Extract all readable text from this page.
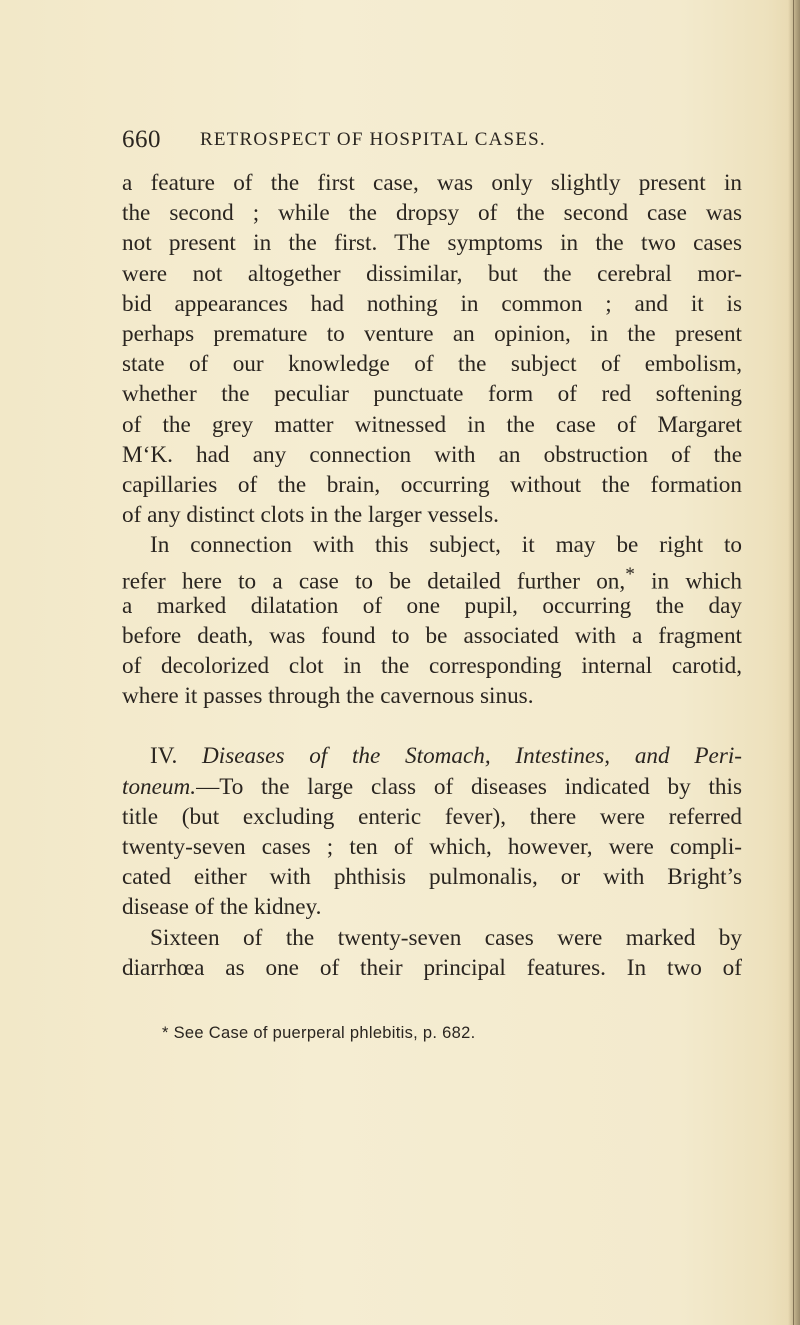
660 RETROSPECT OF HOSPITAL CASES.
a feature of the first case, was only slightly present in
the second ; while the dropsy of the second case was
not present in the first. The symptoms in the two cases
were not altogether dissimilar, but the cerebral mor-
bid appearances had nothing in common ; and it is
perhaps premature to venture an opinion, in the present
state of our knowledge of the subject of embolism,
whether the peculiar punctuate form of red softening
of the grey matter witnessed in the case of Margaret
M‘K. had any connection with an obstruction of the
capillaries of the brain, occurring without the formation
of any distinct clots in the larger vessels.
In connection with this subject, it may be right to
refer here to a case to be detailed further on,* in which
a marked dilatation of one pupil, occurring the day
before death, was found to be associated with a fragment
of decolorized clot in the corresponding internal carotid,
where it passes through the cavernous sinus.
IV. Diseases of the Stomach, Intestines, and Peri-
toneum.—To the large class of diseases indicated by this
title (but excluding enteric fever), there were referred
twenty-seven cases ; ten of which, however, were compli-
cated either with phthisis pulmonalis, or with Bright’s
disease of the kidney.
Sixteen of the twenty-seven cases were marked by
diarrhœa as one of their principal features. In two of
* See Case of puerperal phlebitis, p. 682.
